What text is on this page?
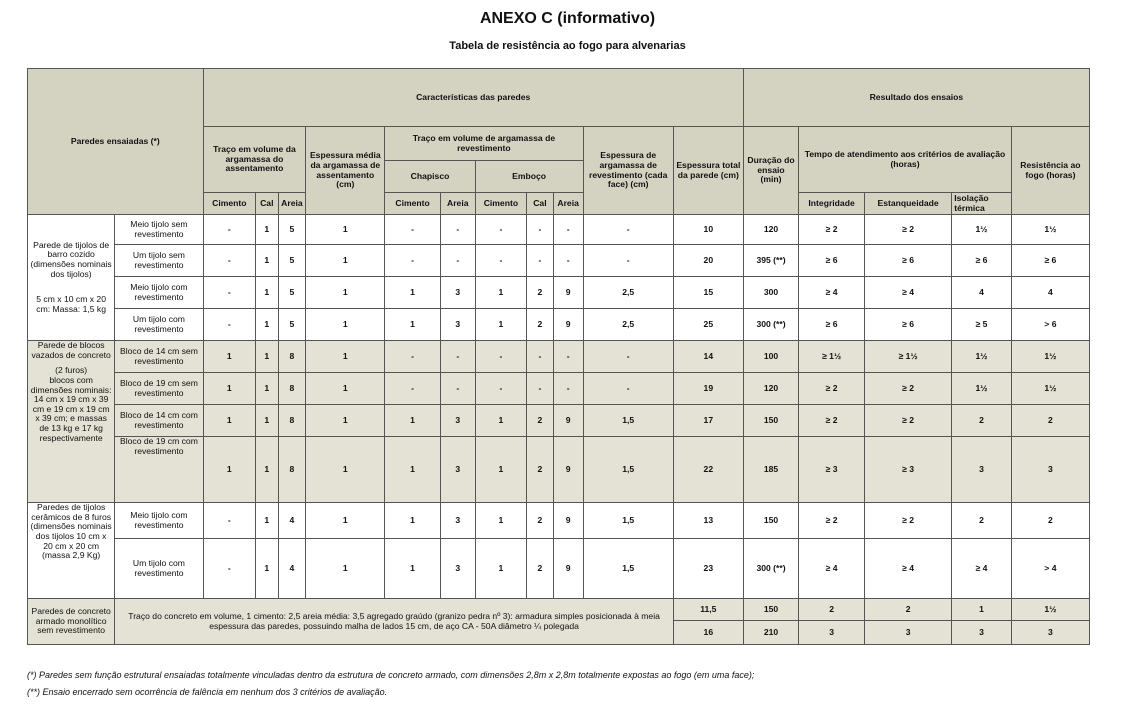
ANEXO C (informativo)
Tabela de resistência ao fogo para alvenarias
Paredes ensaiadas (*)		Características das paredes											Resultado dos ensaios				
		Traço em volume da argamassa do assentamento			Espessura média da argamassa de assentamento (cm)	Traço em volume de argamassa de revestimento					Espessura de argamassa de revestimento (cada face) (cm)	Espessura total da parede (cm)	Duração do ensaio (min)	Tempo de atendimento aos critérios de avaliação (horas)			Resistência ao fogo (horas)
						Chapisco		Emboço									
		Cimento	Cal	Areia		Cimento	Areia	Cimento	Cal	Areia				Integridade	Estanqueidade	Isolação térmica	

Parede de tijolos de barro cozido (dimensões nominais dos tijolos)
5 cm x 10 cm x 20 cm: Massa: 1,5 kg	Meio tijolo sem revestimento	-	1	5	1	-	-	-	-	-	-	10	120	≥ 2	≥ 2	1½	1½
	Um tijolo sem revestimento	-	1	5	1	-	-	-	-	-	-	20	395 (**)	≥ 6	≥ 6	≥ 6	≥ 6
	Meio tijolo com revestimento	-	1	5	1	1	3	1	2	9	2,5	15	300	≥ 4	≥ 4	4	4
	Um tijolo com revestimento	-	1	5	1	1	3	1	2	9	2,5	25	300 (**)	≥ 6	≥ 6	≥ 5	> 6

Parede de blocos vazados de concreto
(2 furos)
blocos com dimensões nominais:
14 cm x 19 cm x 39 cm e 19 cm x 19 cm x 39 cm; e massas de 13 kg e 17 kg respectivamente	Bloco de 14 cm sem revestimento	1	1	8	1	-	-	-	-	-	-	14	100	≥ 1½	≥ 1½	1½	1½
	Bloco de 19 cm sem revestimento	1	1	8	1	-	-	-	-	-	-	19	120	≥ 2	≥ 2	1½	1½
	Bloco de 14 cm com revestimento	1	1	8	1	1	3	1	2	9	1,5	17	150	≥ 2	≥ 2	2	2
	Bloco de 19 cm com revestimento	1	1	8	1	1	3	1	2	9	1,5	22	185	≥ 3	≥ 3	3	3
Paredes de tijolos cerâmicos de 8 furos (dimensões nominais dos tijolos 10 cm x 20 cm x 20 cm (massa 2,9 Kg)	Meio tijolo com revestimento	-	1	4	1	1	3	1	2	9	1,5	13	150	≥ 2	≥ 2	2	2
	Um tijolo com revestimento	-	1	4	1	1	3	1	2	9	1,5	23	300 (**)	≥ 4	≥ 4	≥ 4	> 4
Paredes de concreto armado monolítico sem revestimento	Traço do concreto em volume, 1 cimento: 2,5 areia média: 3,5 agregado graúdo (granizo pedra nº 3): armadura simples posicionada à meia espessura das paredes, possuindo malha de lados 15 cm, de aço CA - 50A diâmetro ¼ polegada											11,5	150	2	2	1	1½
												16	210	3	3	3	3
(*) Paredes sem função estrutural ensaiadas totalmente vinculadas dentro da estrutura de concreto armado, com dimensões 2,8m x 2,8m totalmente expostas ao fogo (em uma face);
(**) Ensaio encerrado sem ocorrência de falência em nenhum dos 3 critérios de avaliação.
